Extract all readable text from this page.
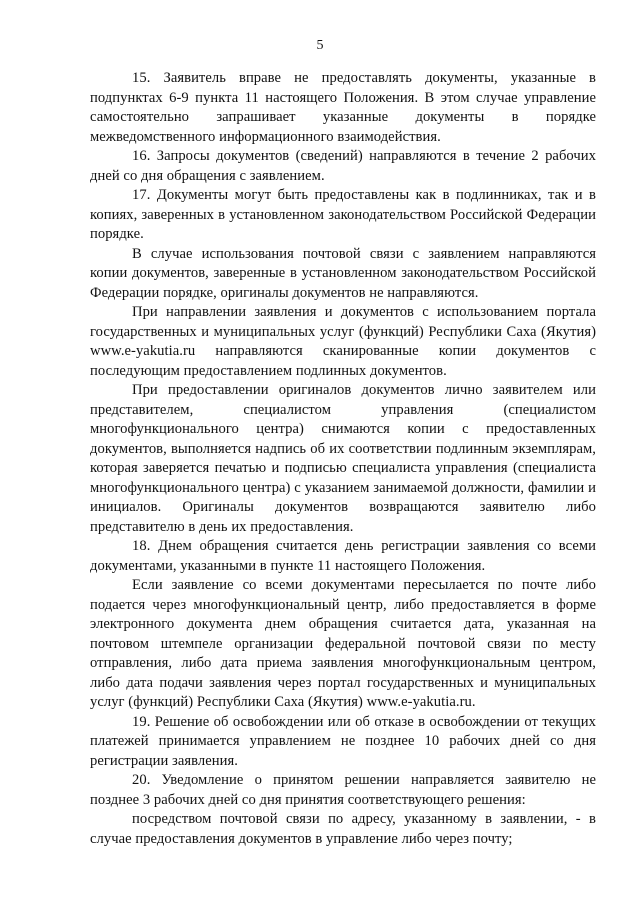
5

15. Заявитель вправе не предоставлять документы, указанные в подпунктах 6-9 пункта 11 настоящего Положения. В этом случае управление самостоятельно запрашивает указанные документы в порядке межведомственного информационного взаимодействия.

16. Запросы документов (сведений) направляются в течение 2 рабочих дней со дня обращения с заявлением.

17. Документы могут быть предоставлены как в подлинниках, так и в копиях, заверенных в установленном законодательством Российской Федерации порядке.

В случае использования почтовой связи с заявлением направляются копии документов, заверенные в установленном законодательством Российской Федерации порядке, оригиналы документов не направляются.

При направлении заявления и документов с использованием портала государственных и муниципальных услуг (функций) Республики Саха (Якутия) www.e-yakutia.ru направляются сканированные копии документов с последующим предоставлением подлинных документов.

При предоставлении оригиналов документов лично заявителем или представителем, специалистом управления (специалистом многофункционального центра) снимаются копии с предоставленных документов, выполняется надпись об их соответствии подлинным экземплярам, которая заверяется печатью и подписью специалиста управления (специалиста многофункционального центра) с указанием занимаемой должности, фамилии и инициалов. Оригиналы документов возвращаются заявителю либо представителю в день их предоставления.

18. Днем обращения считается день регистрации заявления со всеми документами, указанными в пункте 11 настоящего Положения.

Если заявление со всеми документами пересылается по почте либо подается через многофункциональный центр, либо предоставляется в форме электронного документа днем обращения считается дата, указанная на почтовом штемпеле организации федеральной почтовой связи по месту отправления, либо дата приема заявления многофункциональным центром, либо дата подачи заявления через портал государственных и муниципальных услуг (функций) Республики Саха (Якутия) www.e-yakutia.ru.

19. Решение об освобождении или об отказе в освобождении от текущих платежей принимается управлением не позднее 10 рабочих дней со дня регистрации заявления.

20. Уведомление о принятом решении направляется заявителю не позднее 3 рабочих дней со дня принятия соответствующего решения:

посредством почтовой связи по адресу, указанному в заявлении, - в случае предоставления документов в управление либо через почту;
